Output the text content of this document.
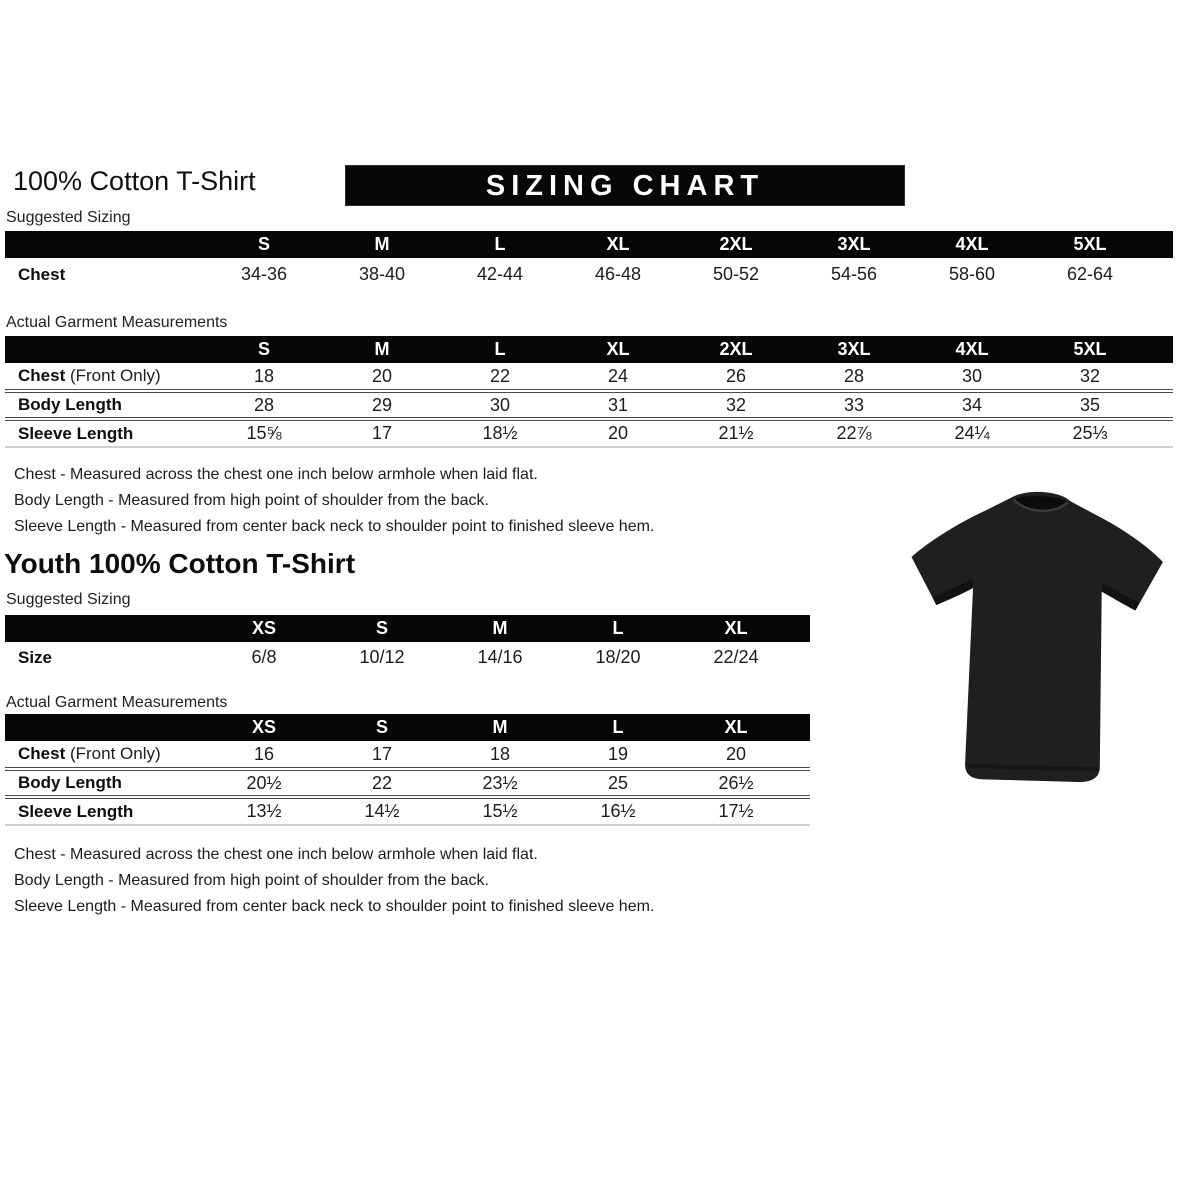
100% Cotton T-Shirt	SIZING CHART
Suggested Sizing
	S	M	L	XL	2XL	3XL	4XL	5XL	
Chest	34-36	38-40	42-44	46-48	50-52	54-56	58-60	62-64	
Actual Garment Measurements
	S	M	L	XL	2XL	3XL	4XL	5XL	
Chest (Front Only)	18	20	22	24	26	28	30	32	
Body Length	28	29	30	31	32	33	34	35	
Sleeve Length	15⅝	17	18½	20	21½	22⅞	24¼	25⅓	

Chest - Measured across the chest one inch below armhole when laid flat.

Body Length - Measured from high point of shoulder from the back.

Sleeve Length - Measured from center back neck to shoulder point to finished sleeve hem.

Youth 100% Cotton T-Shirt
Suggested Sizing
	XS	S	M	L	XL	
Size	6/8	10/12	14/16	18/20	22/24	
Actual Garment Measurements
	XS	S	M	L	XL	
Chest (Front Only)	16	17	18	19	20	
Body Length	20½	22	23½	25	26½	
Sleeve Length	13½	14½	15½	16½	17½	

Chest - Measured across the chest one inch below armhole when laid flat.

Body Length - Measured from high point of shoulder from the back.

Sleeve Length - Measured from center back neck to shoulder point to finished sleeve hem.
